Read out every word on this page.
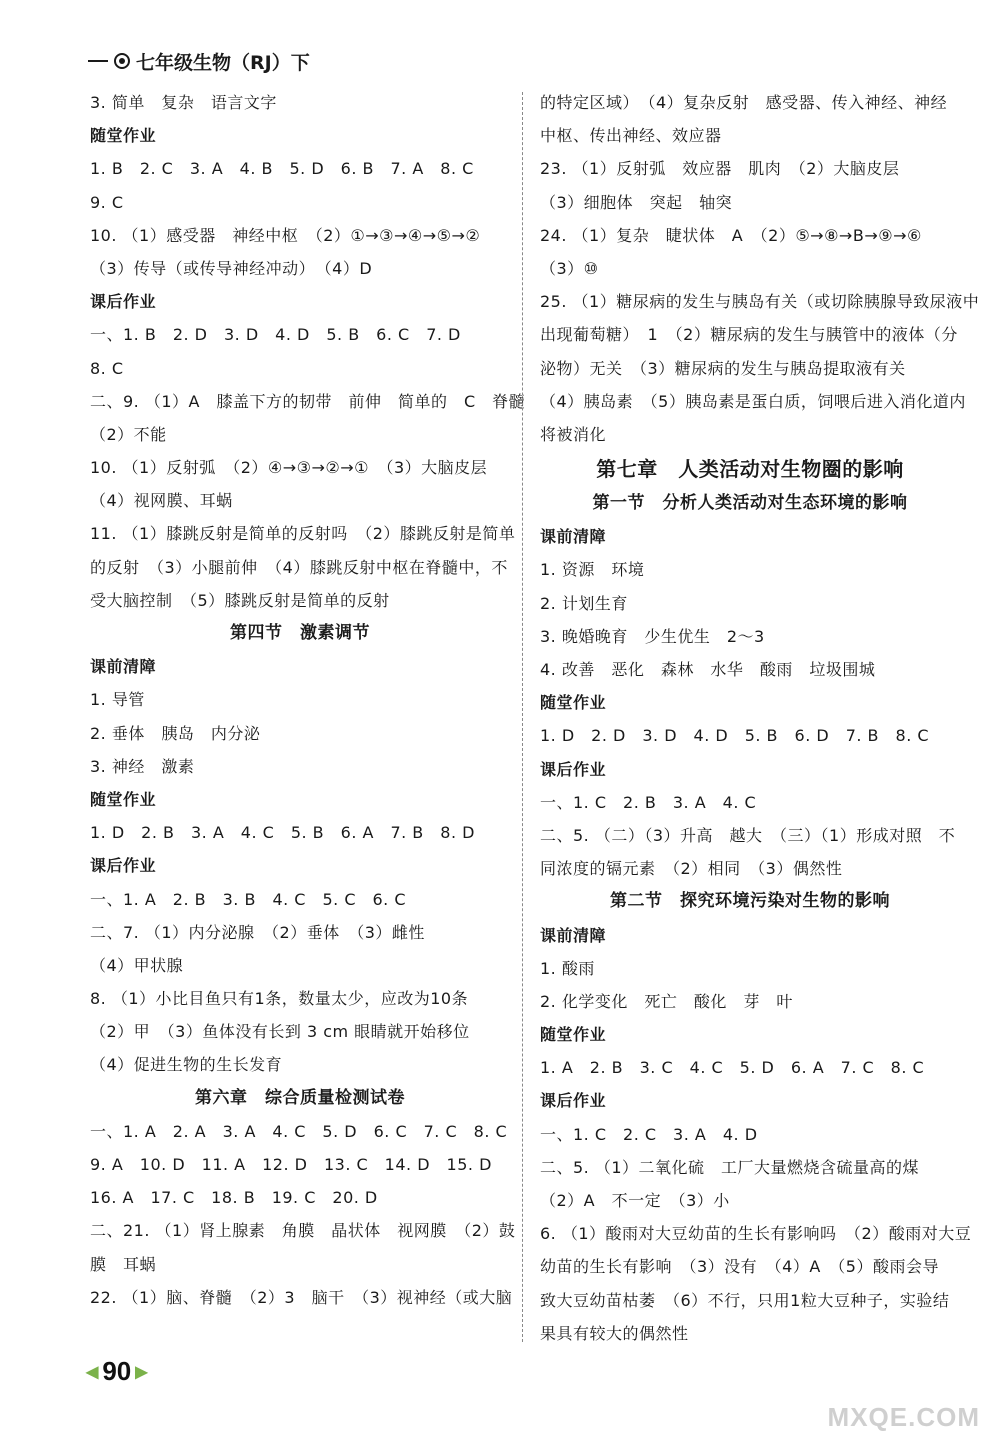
七年级生物（RJ）下
3. 简单　复杂　语言文字
随堂作业
1. B　2. C　3. A　4. B　5. D　6. B　7. A　8. C
9. C
10. （1）感受器　神经中枢　（2）①→③→④→⑤→②
（3）传导（或传导神经冲动）　（4）D
课后作业
一、1. B　2. D　3. D　4. D　5. B　6. C　7. D
8. C
二、9. （1）A　膝盖下方的韧带　前伸　简单的　C　脊髓
（2）不能
10. （1）反射弧　（2）④→③→②→①　（3）大脑皮层
（4）视网膜、耳蜗
11. （1）膝跳反射是简单的反射吗　（2）膝跳反射是简单
的反射　（3）小腿前伸　（4）膝跳反射中枢在脊髓中，不
受大脑控制　（5）膝跳反射是简单的反射
第四节　激素调节
课前清障
1. 导管
2. 垂体　胰岛　内分泌
3. 神经　激素
随堂作业
1. D　2. B　3. A　4. C　5. B　6. A　7. B　8. D
课后作业
一、1. A　2. B　3. B　4. C　5. C　6. C
二、7. （1）内分泌腺　（2）垂体　（3）雌性
（4）甲状腺
8. （1）小比目鱼只有1条，数量太少，应改为10条
（2）甲　（3）鱼体没有长到 3 cm 眼睛就开始移位
（4）促进生物的生长发育
第六章　综合质量检测试卷
一、1. A　2. A　3. A　4. C　5. D　6. C　7. C　8. C
9. A　10. D　11. A　12. D　13. C　14. D　15. D
16. A　17. C　18. B　19. C　20. D
二、21. （1）肾上腺素　角膜　晶状体　视网膜　（2）鼓
膜　耳蜗
22. （1）脑、脊髓　（2）3　脑干　（3）视神经（或大脑
的特定区域）　（4）复杂反射　感受器、传入神经、神经
中枢、传出神经、效应器
23. （1）反射弧　效应器　肌肉　（2）大脑皮层
（3）细胞体　突起　轴突
24. （1）复杂　睫状体　A　（2）⑤→⑧→B→⑨→⑥
（3）⑩
25. （1）糖尿病的发生与胰岛有关（或切除胰腺导致尿液中
出现葡萄糖）　1　（2）糖尿病的发生与胰管中的液体（分
泌物）无关　（3）糖尿病的发生与胰岛提取液有关
（4）胰岛素　（5）胰岛素是蛋白质，饲喂后进入消化道内
将被消化
第七章　人类活动对生物圈的影响
第一节　分析人类活动对生态环境的影响
课前清障
1. 资源　环境
2. 计划生育
3. 晚婚晚育　少生优生　2～3
4. 改善　恶化　森林　水华　酸雨　垃圾围城
随堂作业
1. D　2. D　3. D　4. D　5. B　6. D　7. B　8. C
课后作业
一、1. C　2. B　3. A　4. C
二、5. （二）（3）升高　越大　（三）（1）形成对照　不
同浓度的镉元素　（2）相同　（3）偶然性
第二节　探究环境污染对生物的影响
课前清障
1. 酸雨
2. 化学变化　死亡　酸化　芽　叶
随堂作业
1. A　2. B　3. C　4. C　5. D　6. A　7. C　8. C
课后作业
一、1. C　2. C　3. A　4. D
二、5. （1）二氧化硫　工厂大量燃烧含硫量高的煤
（2）A　不一定　（3）小
6. （1）酸雨对大豆幼苗的生长有影响吗　（2）酸雨对大豆
幼苗的生长有影响　（3）没有　（4）A　（5）酸雨会导
致大豆幼苗枯萎　（6）不行，只用1粒大豆种子，实验结
果具有较大的偶然性
◀ 90 ▶
MXQE.COM
